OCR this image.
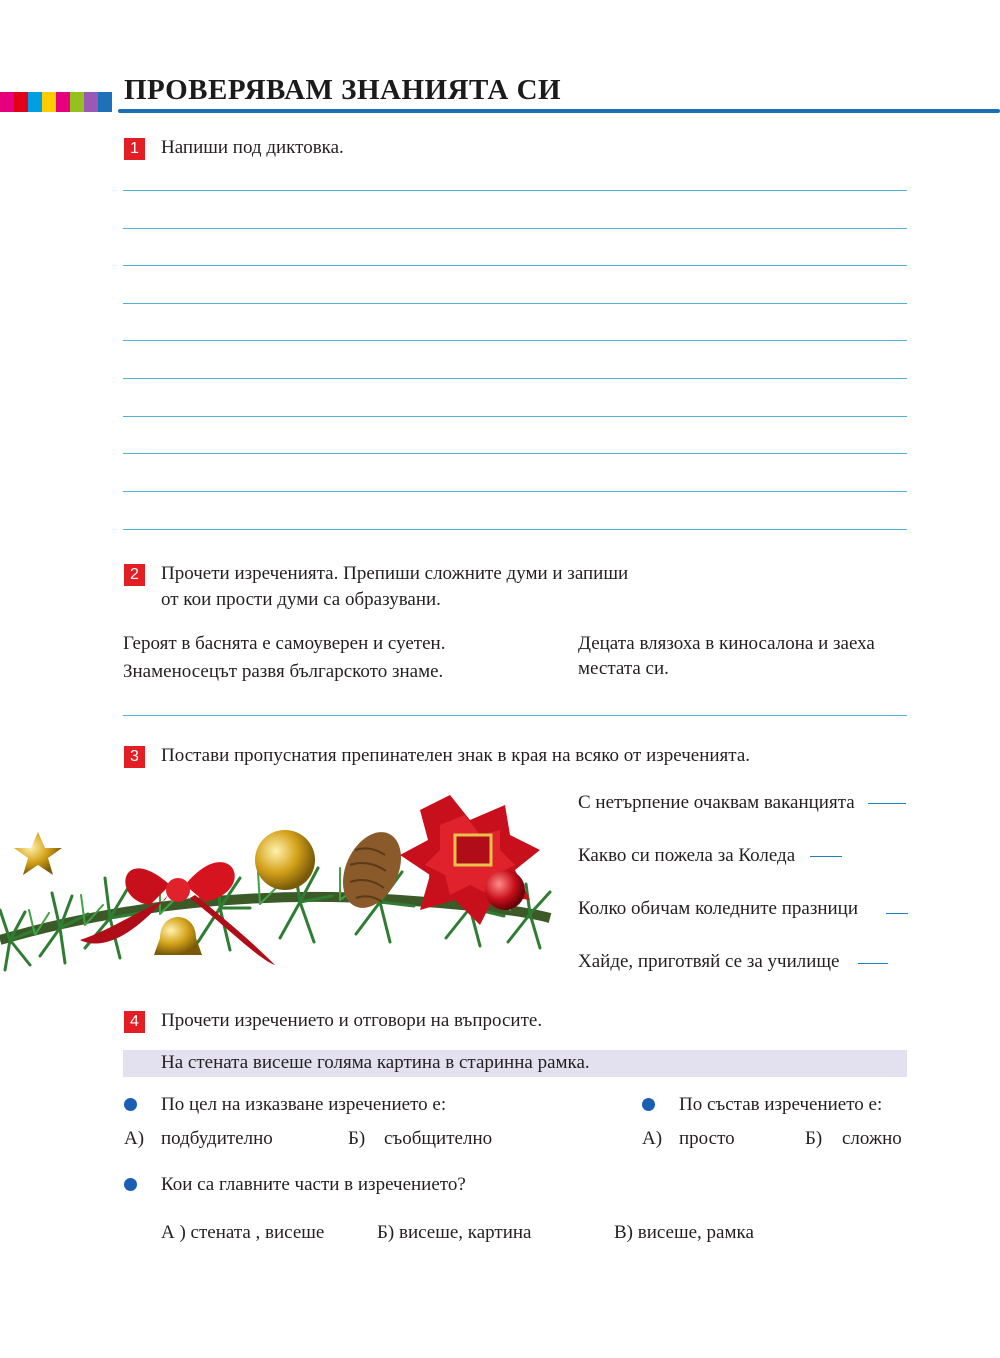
ПРОВЕРЯВАМ ЗНАНИЯТА СИ
1	Напиши под диктовка.
2	Прочети изреченията. Препиши сложните думи и запиши
от кои прости думи са образувани.
Героят в баснята е самоуверен и суетен.
Знаменосецът развя българското знаме.
Децата влязоха в киносалона и заеха
местата си.
3	Постави пропуснатия препинателен знак в края на всяко от изреченията.
С нетърпение очаквам ваканцията
Какво си пожела за Коледа
Колко обичам коледните празници
Хайде, приготвяй се за училище
4	Прочети изречението и отговори на въпросите.
На стената висеше голяма картина в старинна рамка.
По цел на изказване изречението е:
А) подбудително	Б) съобщително
По състав изречението е:
А) просто	Б) сложно
Кои са главните части в изречението?
А ) стената , висеше	Б) висеше, картина	В) висеше, рамка
